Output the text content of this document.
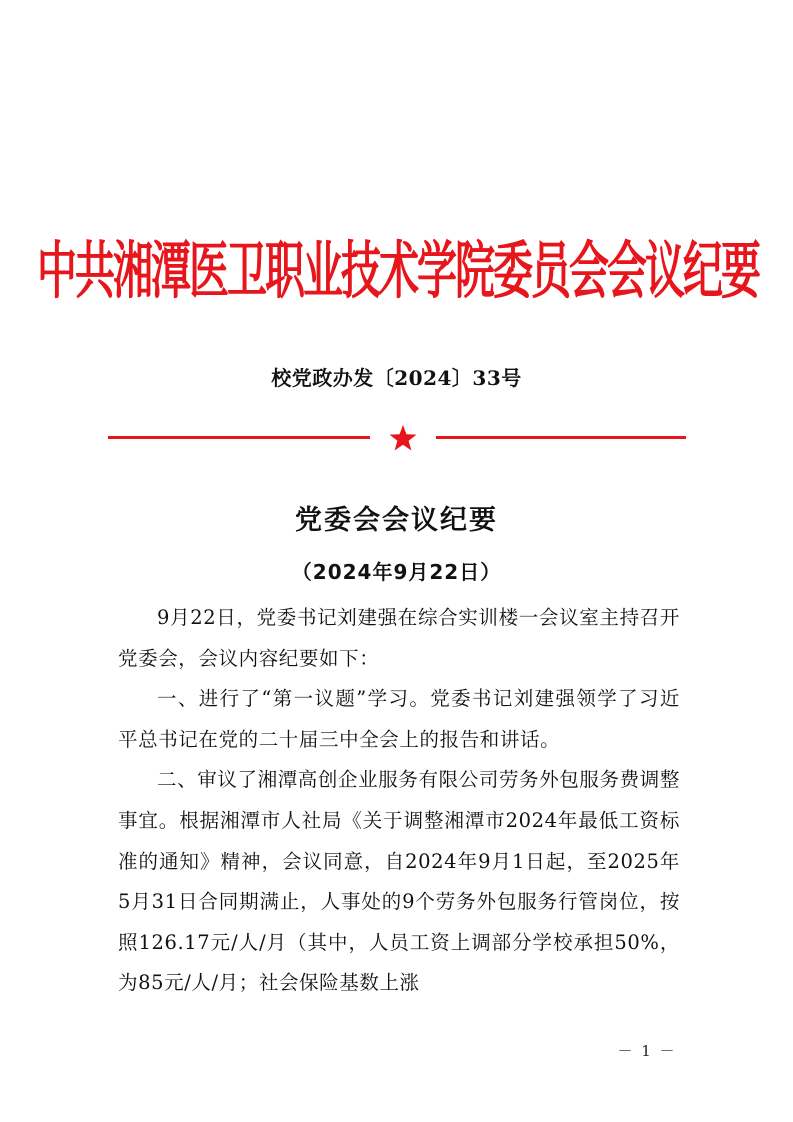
中共湘潭医卫职业技术学院委员会会议纪要
校党政办发〔2024〕33号
党委会会议纪要
（2024年9月22日）

9月22日，党委书记刘建强在综合实训楼一会议室主持召开党委会，会议内容纪要如下：

一、进行了“第一议题”学习。党委书记刘建强领学了习近平总书记在党的二十届三中全会上的报告和讲话。

二、审议了湘潭高创企业服务有限公司劳务外包服务费调整事宜。根据湘潭市人社局《关于调整湘潭市2024年最低工资标准的通知》精神，会议同意，自2024年9月1日起，至2025年5月31日合同期满止，人事处的9个劳务外包服务行管岗位，按照126.17元/人/月（其中，人员工资上调部分学校承担50%，为85元/人/月；社会保险基数上涨

－ 1 －
